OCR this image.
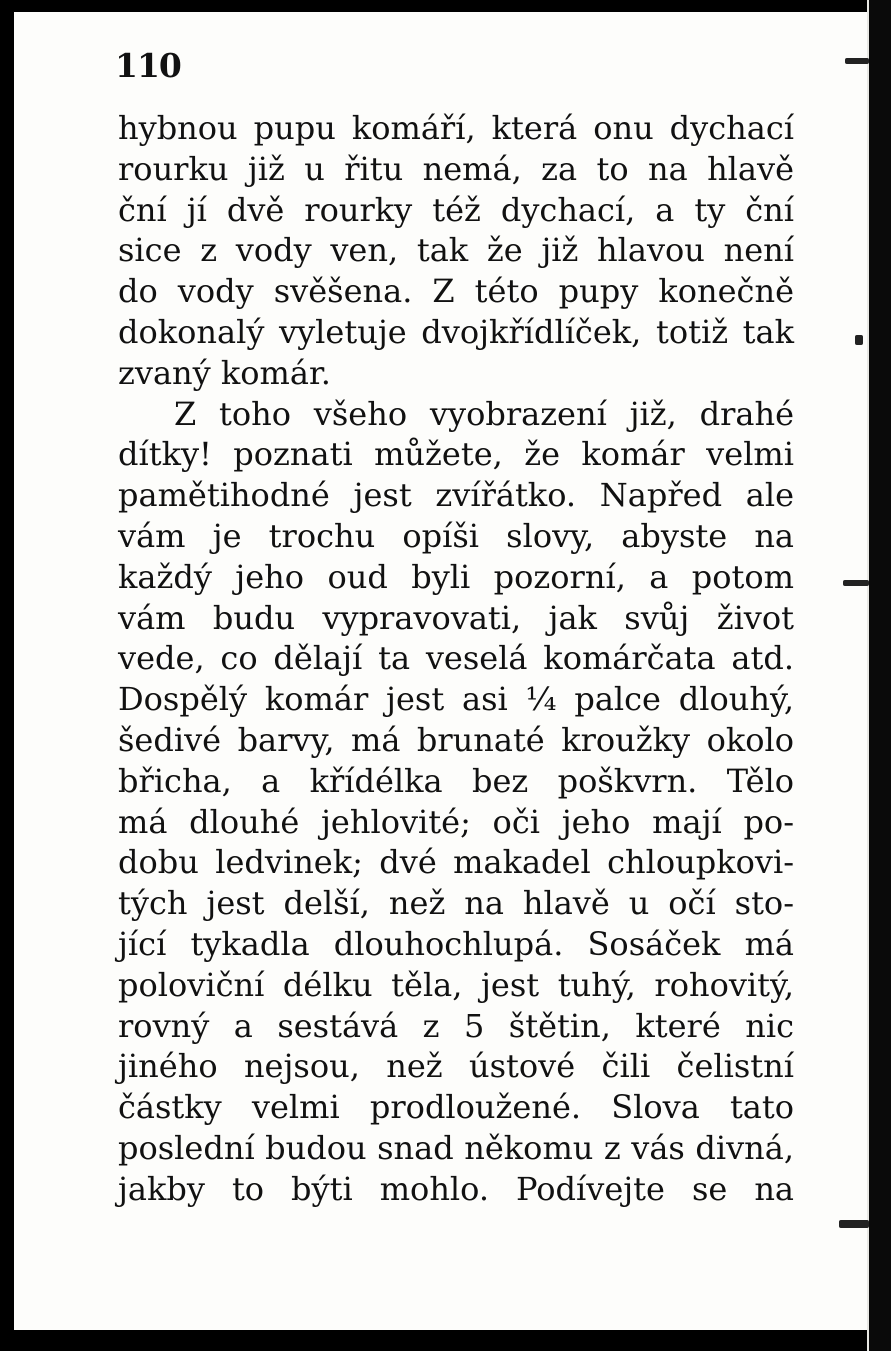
110
hybnou pupu komáří, která onu dychací
rourku již u řitu nemá, za to na hlavě
ční jí dvě rourky též dychací, a ty ční
sice z vody ven, tak že již hlavou není
do vody svěšena. Z této pupy konečně
dokonalý vyletuje dvojkřídlíček, totiž tak
zvaný komár.
Z toho všeho vyobrazení již, drahé
dítky! poznati můžete, že komár velmi
pamětihodné jest zvířátko. Napřed ale
vám je trochu opíši slovy, abyste na
každý jeho oud byli pozorní, a potom
vám budu vypravovati, jak svůj život
vede, co dělají ta veselá komárčata atd.
Dospělý komár jest asi ¼ palce dlouhý,
šedivé barvy, má brunaté kroužky okolo
břicha, a křídélka bez poškvrn. Tělo
má dlouhé jehlovité; oči jeho mají po-
dobu ledvinek; dvé makadel chloupkovi-
tých jest delší, než na hlavě u očí sto-
jící tykadla dlouhochlupá. Sosáček má
poloviční délku těla, jest tuhý, rohovitý,
rovný a sestává z 5 štětin, které nic
jiného nejsou, než ústové čili čelistní
částky velmi prodloužené. Slova tato
poslední budou snad někomu z vás divná,
jakby to býti mohlo. Podívejte se na
